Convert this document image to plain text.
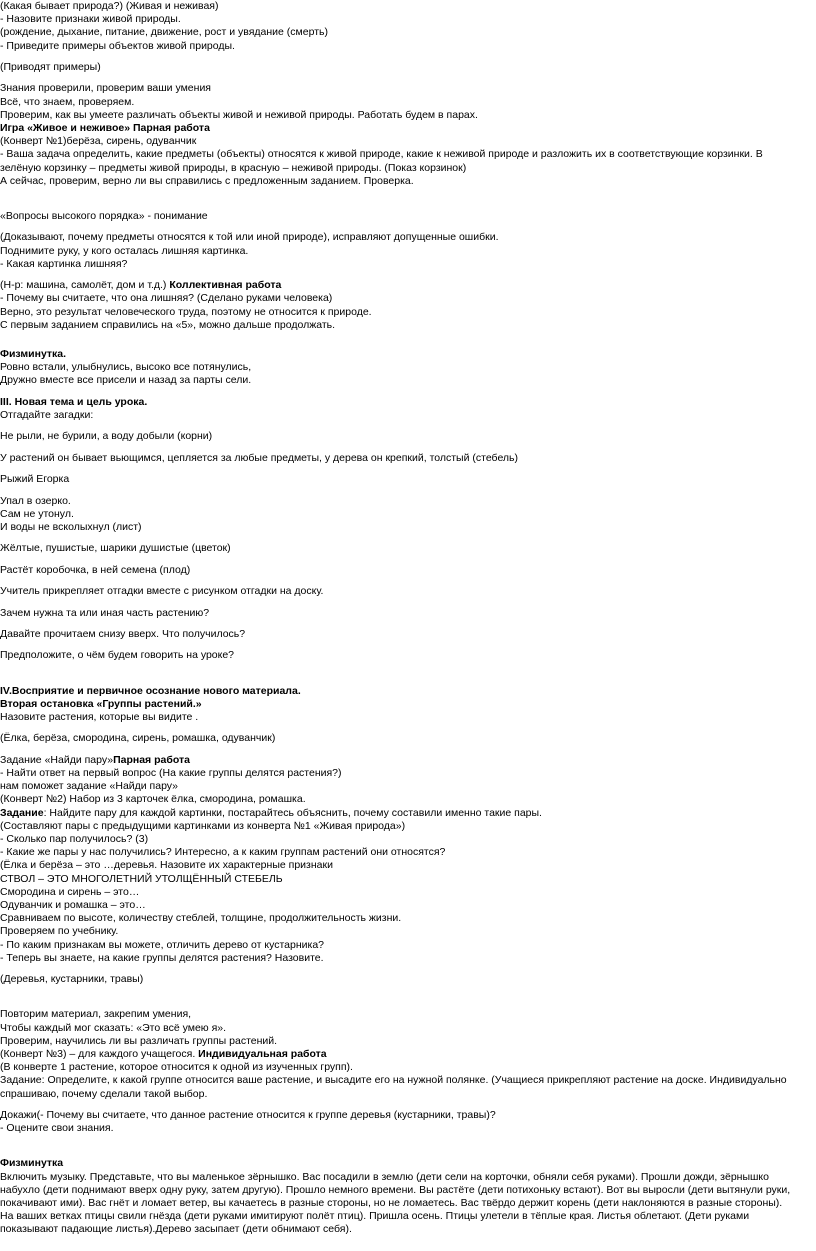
(Какая бывает природа?) (Живая и неживая)

- Назовите признаки живой природы.

(рождение, дыхание, питание, движение, рост и увядание (смерть)

- Приведите примеры объектов живой природы.

(Приводят примеры)

Знания проверили, проверим ваши умения

Всё, что знаем, проверяем.

Проверим, как вы умеете различать объекты живой и неживой природы. Работать будем в парах.

Игра «Живое и неживое» Парная работа

(Конверт №1)берёза, сирень, одуванчик

- Ваша задача определить, какие предметы (объекты) относятся к живой природе, какие к неживой природе и разложить их в соответствующие корзинки. В зелёную корзинку – предметы живой природы, в красную – неживой природы. (Показ корзинок)

А сейчас, проверим, верно ли вы справились с предложенным заданием. Проверка.

«Вопросы высокого порядка» - понимание

(Доказывают, почему предметы относятся к той или иной природе), исправляют допущенные ошибки.

Поднимите руку, у кого осталась лишняя картинка.

- Какая картинка лишняя?

(Н-р: машина, самолёт, дом и т.д.) Коллективная работа

- Почему вы считаете, что она лишняя? (Сделано руками человека)

Верно, это результат человеческого труда, поэтому не относится к природе.

С первым заданием справились на «5», можно дальше продолжать.

Физминутка.

Ровно встали, улыбнулись, высоко все потянулись,

Дружно вместе все присели и назад за парты сели.

III. Новая тема и цель урока.

Отгадайте загадки:

Не рыли, не бурили, а воду добыли (корни)

У растений он бывает вьющимся, цепляется за любые предметы, у дерева он крепкий, толстый (стебель)

Рыжий Егорка

Упал в озерко.

Сам не утонул.

И воды не всколыхнул (лист)

Жёлтые, пушистые, шарики душистые (цветок)

Растёт коробочка, в ней семена (плод)

Учитель прикрепляет отгадки вместе с рисунком отгадки на доску.

Зачем нужна та или иная часть растению?

Давайте прочитаем снизу вверх. Что получилось?

Предположите, о чём будем говорить на уроке?

IV.Восприятие и первичное осознание нового материала.

Вторая остановка «Группы растений.»

Назовите растения, которые вы видите .

(Ёлка, берёза, смородина, сирень, ромашка, одуванчик)

Задание «Найди пару»Парная работа

- Найти ответ на первый вопрос (На какие группы делятся растения?)

нам поможет задание «Найди пару»

(Конверт №2) Набор из 3 карточек ёлка, смородина, ромашка.

Задание: Найдите пару для каждой картинки, постарайтесь объяснить, почему составили именно такие пары.

(Составляют пары с предыдущими картинками из конверта №1 «Живая природа»)

- Сколько пар получилось? (3)

- Какие же пары у нас получились? Интересно, а к каким группам растений они относятся?

(Ёлка и берёза – это …деревья. Назовите их характерные признаки

СТВОЛ – ЭТО МНОГОЛЕТНИЙ УТОЛЩЁННЫЙ СТЕБЕЛЬ

Смородина и сирень – это…

Одуванчик и ромашка – это…

Сравниваем по высоте, количеству стеблей, толщине, продолжительность жизни.

Проверяем по учебнику.

- По каким признакам вы можете, отличить дерево от кустарника?

- Теперь вы знаете, на какие группы делятся растения? Назовите.

(Деревья, кустарники, травы)

Повторим материал, закрепим умения,

Чтобы каждый мог сказать: «Это всё умею я».

Проверим, научились ли вы различать группы растений.

(Конверт №3) – для каждого учащегося. Индивидуальная работа

(В конверте 1 растение, которое относится к одной из изученных групп).

Задание: Определите, к какой группе относится ваше растение, и высадите его на нужной полянке. (Учащиеся прикрепляют растение на доске. Индивидуально спрашиваю, почему сделали такой выбор.

Докажи(- Почему вы считаете, что данное растение относится к группе деревья (кустарники, травы)?

- Оцените свои знания.

Физминутка

Включить музыку. Представьте, что вы маленькое зёрнышко. Вас посадили в землю (дети сели на корточки, обняли себя руками). Прошли дожди, зёрнышко набухло (дети поднимают вверх одну руку, затем другую). Прошло немного времени. Вы растёте (дети потихоньку встают). Вот вы выросли (дети вытянули руки, покачивают ими). Вас гнёт и ломает ветер, вы качаетесь в разные стороны, но не ломаетесь. Вас твёрдо держит корень (дети наклоняются в разные стороны). На ваших ветках птицы свили гнёзда (дети руками имитируют полёт птиц). Пришла осень. Птицы улетели в тёплые края. Листья облетают. (Дети руками показывают падающие листья).Дерево засыпает (дети обнимают себя).
